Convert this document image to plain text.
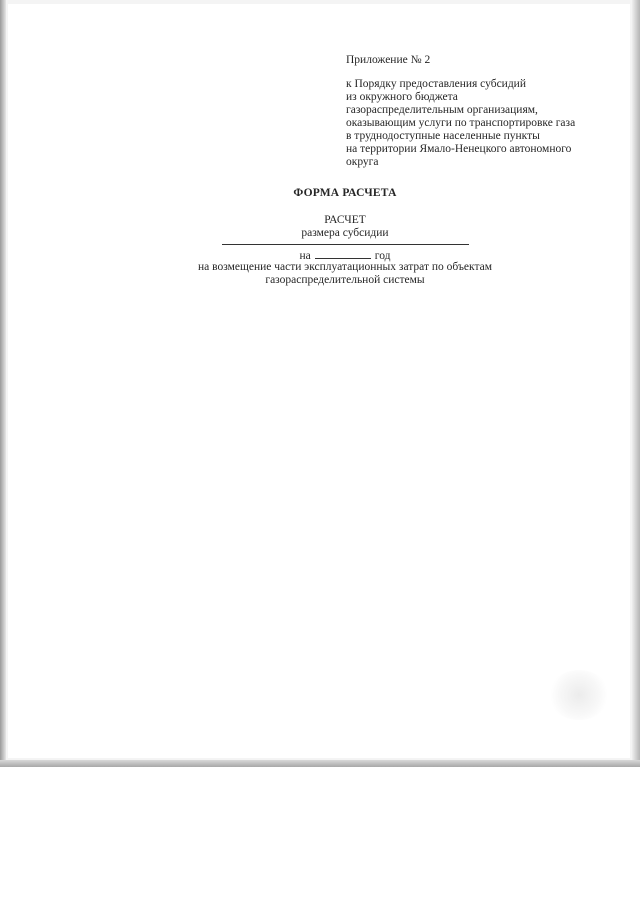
Приложение № 2

к Порядку предоставления субсидий
из окружного бюджета
газораспределительным организациям,
оказывающим услуги по транспортировке газа
в труднодоступные населенные пункты
на территории Ямало-Ненецкого автономного
округа

ФОРМА РАСЧЕТА
РАСЧЕТ
размера субсидии
на	год
на возмещение части эксплуатационных затрат по объектам
газораспределительной системы
